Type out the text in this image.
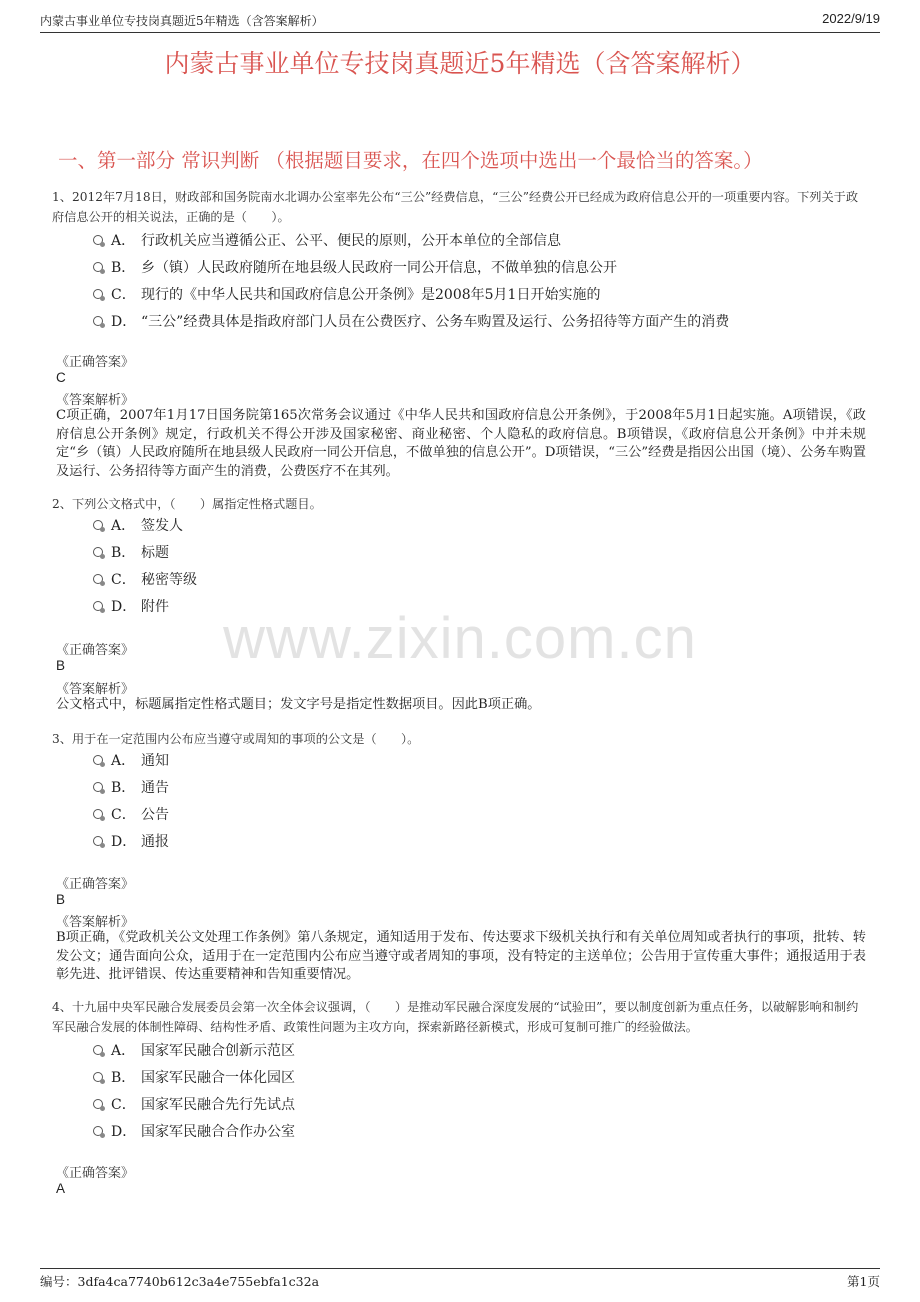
内蒙古事业单位专技岗真题近5年精选（含答案解析）	2022/9/19
内蒙古事业单位专技岗真题近5年精选（含答案解析）
一、第一部分 常识判断 （根据题目要求，在四个选项中选出一个最恰当的答案。）
www.zixin.com.cn

1、2012年7月18日，财政部和国务院南水北调办公室率先公布“三公”经费信息，“三公”经费公开已经成为政府信息公开的一项重要内容。下列关于政府信息公开的相关说法，正确的是（　　）。

A． 行政机关应当遵循公正、公平、便民的原则，公开本单位的全部信息
B． 乡（镇）人民政府随所在地县级人民政府一同公开信息，不做单独的信息公开
C． 现行的《中华人民共和国政府信息公开条例》是2008年5月1日开始实施的
D． “三公”经费具体是指政府部门人员在公费医疗、公务车购置及运行、公务招待等方面产生的消费
《正确答案》
C
《答案解析》

C项正确，2007年1月17日国务院第165次常务会议通过《中华人民共和国政府信息公开条例》，于2008年5月1日起实施。A项错误，《政府信息公开条例》规定，行政机关不得公开涉及国家秘密、商业秘密、个人隐私的政府信息。B项错误，《政府信息公开条例》中并未规定“乡（镇）人民政府随所在地县级人民政府一同公开信息，不做单独的信息公开”。D项错误，“三公”经费是指因公出国（境）、公务车购置及运行、公务招待等方面产生的消费，公费医疗不在其列。

2、下列公文格式中，（　　）属指定性格式题目。

A． 签发人
B． 标题
C． 秘密等级
D． 附件
《正确答案》
B
《答案解析》

公文格式中，标题属指定性格式题目；发文字号是指定性数据项目。因此B项正确。

3、用于在一定范围内公布应当遵守或周知的事项的公文是（　　）。

A． 通知
B． 通告
C． 公告
D． 通报
《正确答案》
B
《答案解析》

B项正确，《党政机关公文处理工作条例》第八条规定，通知适用于发布、传达要求下级机关执行和有关单位周知或者执行的事项，批转、转发公文；通告面向公众，适用于在一定范围内公布应当遵守或者周知的事项，没有特定的主送单位；公告用于宣传重大事件；通报适用于表彰先进、批评错误、传达重要精神和告知重要情况。

4、十九届中央军民融合发展委员会第一次全体会议强调，（　　）是推动军民融合深度发展的“试验田”，要以制度创新为重点任务，以破解影响和制约军民融合发展的体制性障碍、结构性矛盾、政策性问题为主攻方向，探索新路径新模式，形成可复制可推广的经验做法。

A． 国家军民融合创新示范区
B． 国家军民融合一体化园区
C． 国家军民融合先行先试点
D． 国家军民融合合作办公室
《正确答案》
A
编号：3dfa4ca7740b612c3a4e755ebfa1c32a	第1页
